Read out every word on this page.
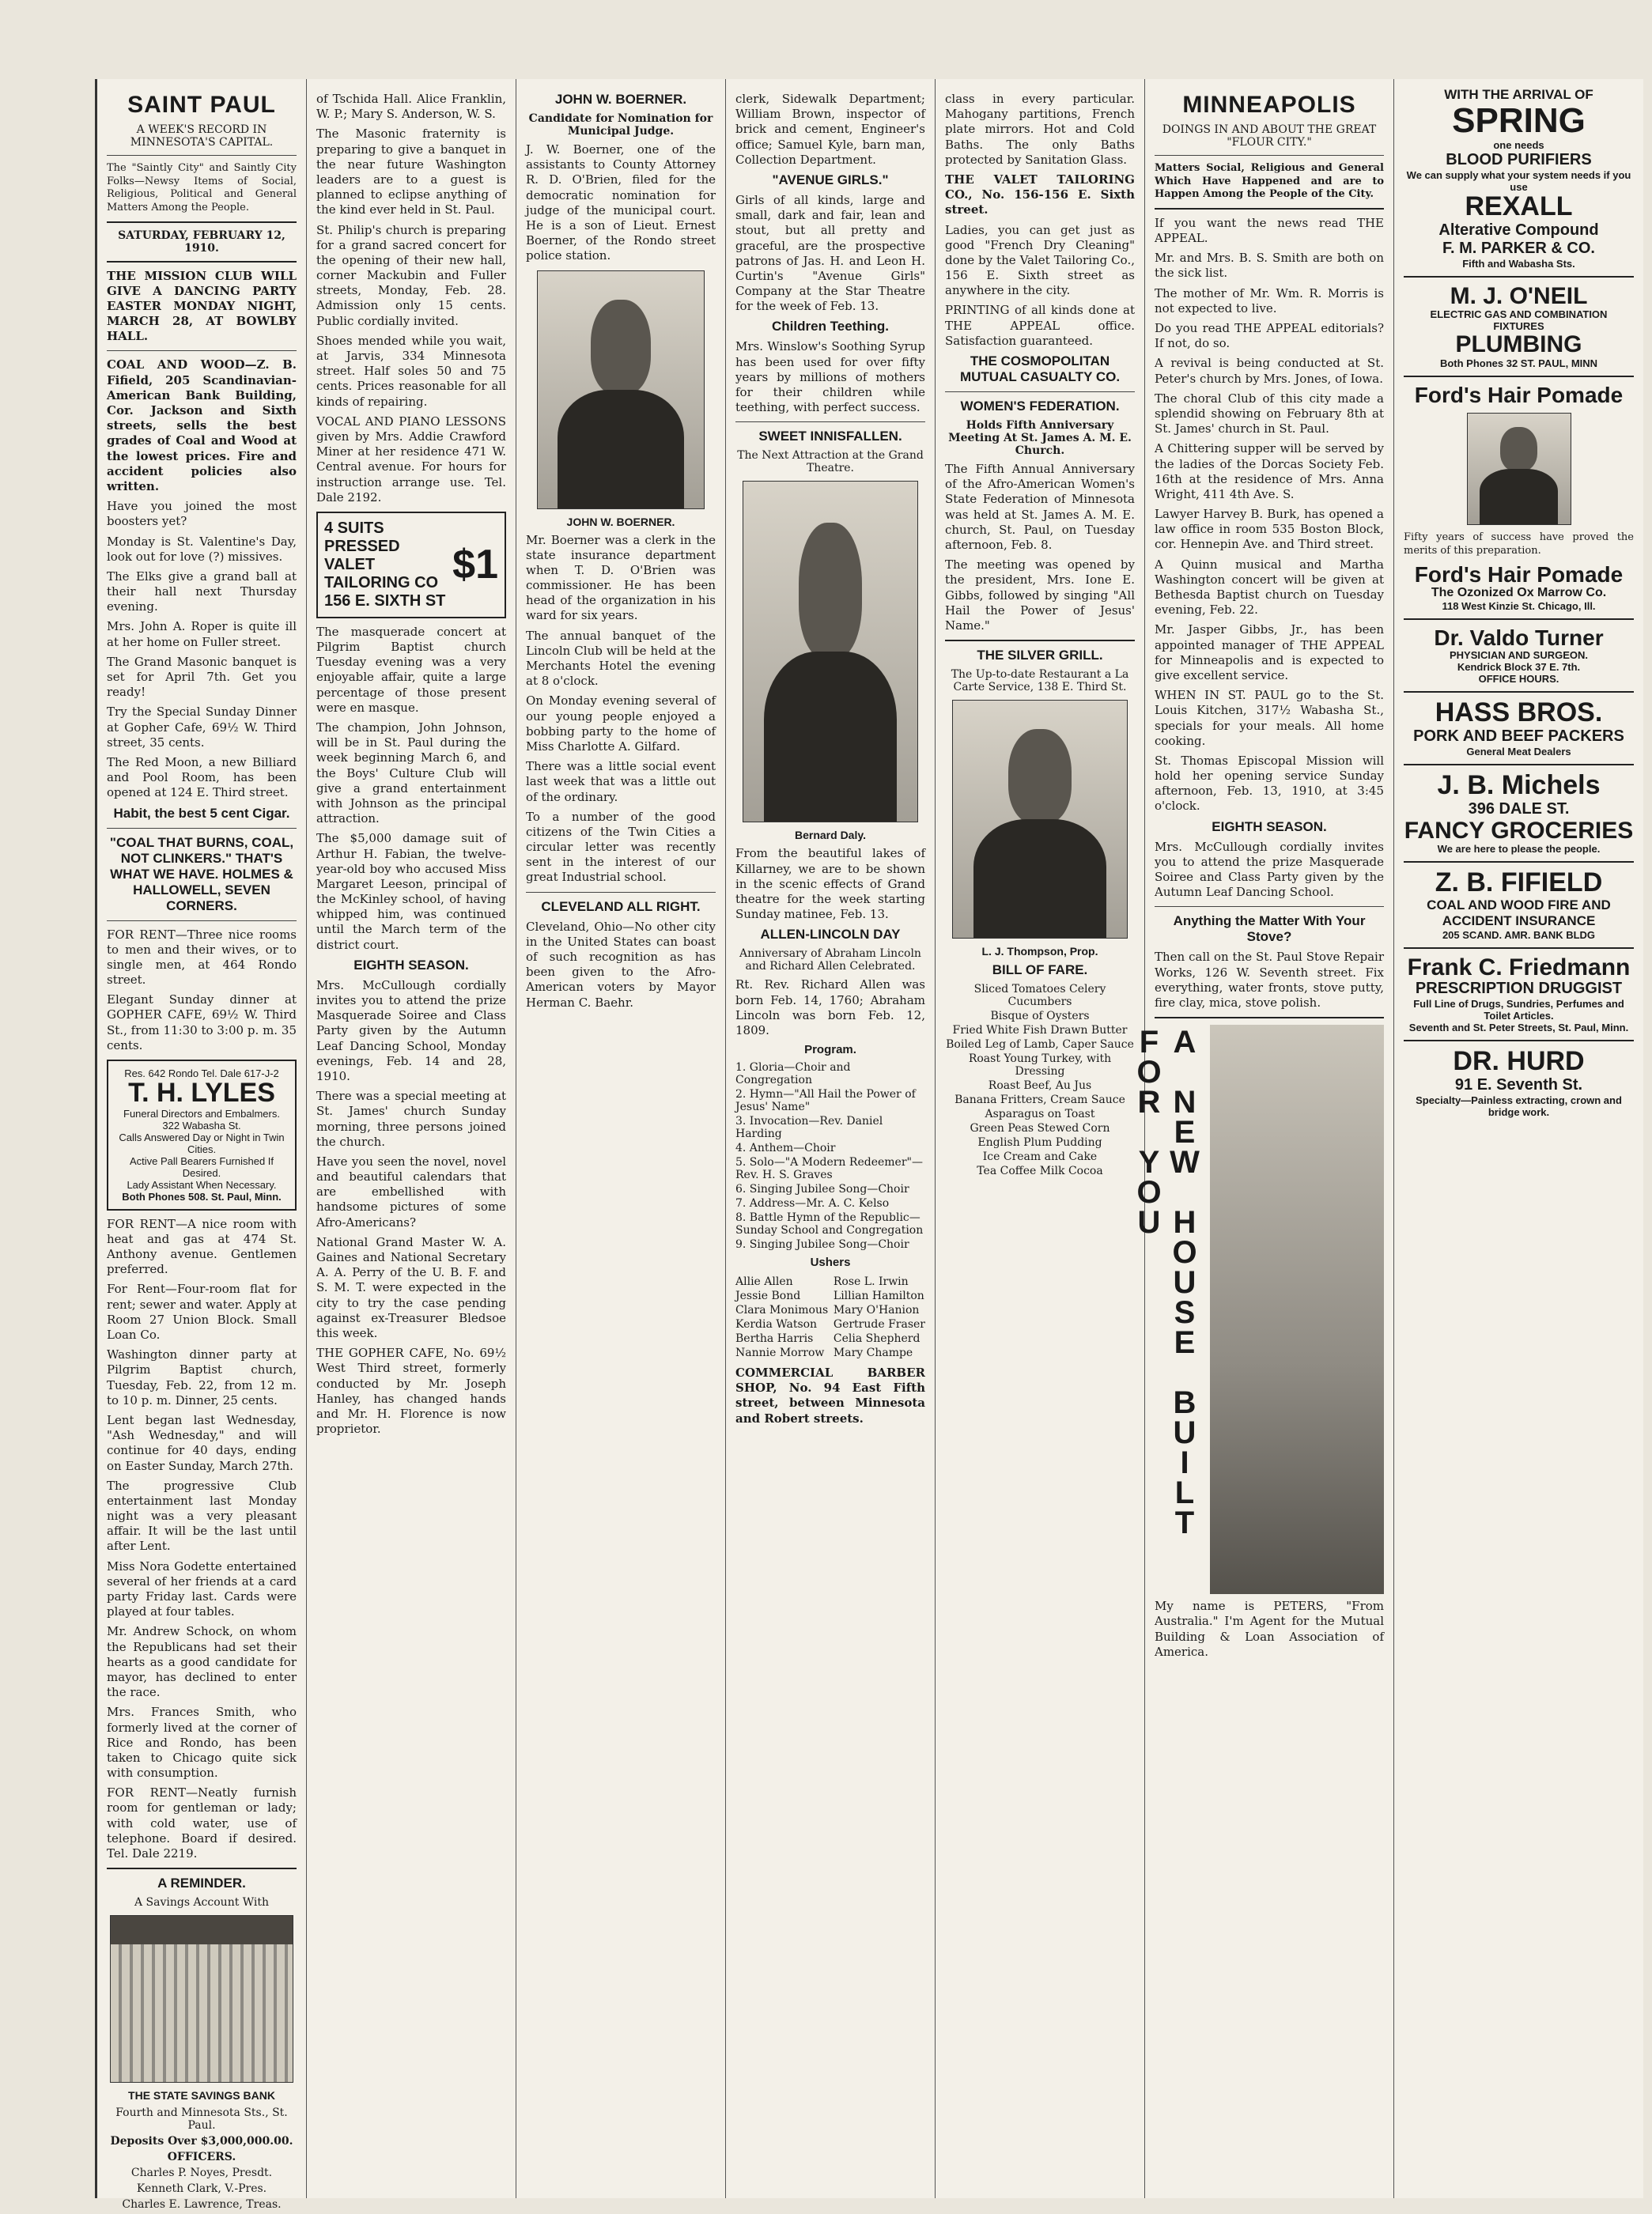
SAINT PAUL
A WEEK'S RECORD IN MINNESOTA'S CAPITAL.

The "Saintly City" and Saintly City Folks—Newsy Items of Social, Religious, Political and General Matters Among the People.

SATURDAY, FEBRUARY 12, 1910.

THE MISSION CLUB WILL GIVE A DANCING PARTY EASTER MONDAY NIGHT, MARCH 28, AT BOWLBY HALL.

COAL AND WOOD—Z. B. Fifield, 205 Scandinavian-American Bank Building, Cor. Jackson and Sixth streets, sells the best grades of Coal and Wood at the lowest prices. Fire and accident policies also written.

Have you joined the most boosters yet?

Monday is St. Valentine's Day, look out for love (?) missives.

The Elks give a grand ball at their hall next Thursday evening.

Mrs. John A. Roper is quite ill at her home on Fuller street.

The Grand Masonic banquet is set for April 7th. Get you ready!

Try the Special Sunday Dinner at Gopher Cafe, 69½ W. Third street, 35 cents.

The Red Moon, a new Billiard and Pool Room, has been opened at 124 E. Third street.

Habit, the best 5 cent Cigar.
"COAL THAT BURNS, COAL, NOT CLINKERS." THAT'S WHAT WE HAVE. HOLMES & HALLOWELL, SEVEN CORNERS.

FOR RENT—Three nice rooms to men and their wives, or to single men, at 464 Rondo street.

Elegant Sunday dinner at GOPHER CAFE, 69½ W. Third St., from 11:30 to 3:00 p. m. 35 cents.

Res. 642 Rondo Tel. Dale 617-J-2
T. H. LYLES
Funeral Directors and Embalmers. 322 Wabasha St.
Calls Answered Day or Night in Twin Cities.
Active Pall Bearers Furnished If Desired.
Lady Assistant When Necessary.
Both Phones 508. St. Paul, Minn.

FOR RENT—A nice room with heat and gas at 474 St. Anthony avenue. Gentlemen preferred.

For Rent—Four-room flat for rent; sewer and water. Apply at Room 27 Union Block. Small Loan Co.

Washington dinner party at Pilgrim Baptist church, Tuesday, Feb. 22, from 12 m. to 10 p. m. Dinner, 25 cents.

Lent began last Wednesday, "Ash Wednesday," and will continue for 40 days, ending on Easter Sunday, March 27th.

The progressive Club entertainment last Monday night was a very pleasant affair. It will be the last until after Lent.

Miss Nora Godette entertained several of her friends at a card party Friday last. Cards were played at four tables.

Mr. Andrew Schock, on whom the Republicans had set their hearts as a good candidate for mayor, has declined to enter the race.

Mrs. Frances Smith, who formerly lived at the corner of Rice and Rondo, has been taken to Chicago quite sick with consumption.

FOR RENT—Neatly furnish room for gentleman or lady; with cold water, use of telephone. Board if desired. Tel. Dale 2219.

A REMINDER.
A Savings Account With
THE STATE SAVINGS BANK
Fourth and Minnesota Sts., St. Paul.
Deposits Over $3,000,000.00.
OFFICERS.
Charles P. Noyes, Presdt.
Kenneth Clark, V.-Pres.
Charles E. Lawrence, Treas.

of Tschida Hall. Alice Franklin, W. P.; Mary S. Anderson, W. S.

The Masonic fraternity is preparing to give a banquet in the near future Washington leaders are to a guest is planned to eclipse anything of the kind ever held in St. Paul.

St. Philip's church is preparing for a grand sacred concert for the opening of their new hall, corner Mackubin and Fuller streets, Monday, Feb. 28. Admission only 15 cents. Public cordially invited.

Shoes mended while you wait, at Jarvis, 334 Minnesota street. Half soles 50 and 75 cents. Prices reasonable for all kinds of repairing.

VOCAL AND PIANO LESSONS given by Mrs. Addie Crawford Miner at her residence 471 W. Central avenue. For hours for instruction arrange use. Tel. Dale 2192.

4 SUITS PRESSED
VALET TAILORING CO
156 E. SIXTH ST
$1

The masquerade concert at Pilgrim Baptist church Tuesday evening was a very enjoyable affair, quite a large percentage of those present were en masque.

The champion, John Johnson, will be in St. Paul during the week beginning March 6, and the Boys' Culture Club will give a grand entertainment with Johnson as the principal attraction.

The $5,000 damage suit of Arthur H. Fabian, the twelve-year-old boy who accused Miss Margaret Leeson, principal of the McKinley school, of having whipped him, was continued until the March term of the district court.

EIGHTH SEASON.

Mrs. McCullough cordially invites you to attend the prize Masquerade Soiree and Class Party given by the Autumn Leaf Dancing School, Monday evenings, Feb. 14 and 28, 1910.

There was a special meeting at St. James' church Sunday morning, three persons joined the church.

Have you seen the novel, novel and beautiful calendars that are embellished with handsome pictures of some Afro-Americans?

National Grand Master W. A. Gaines and National Secretary A. A. Perry of the U. B. F. and S. M. T. were expected in the city to try the case pending against ex-Treasurer Bledsoe this week.

THE GOPHER CAFE, No. 69½ West Third street, formerly conducted by Mr. Joseph Hanley, has changed hands and Mr. H. Florence is now proprietor.

JOHN W. BOERNER.
Candidate for Nomination for Municipal Judge.

J. W. Boerner, one of the assistants to County Attorney R. D. O'Brien, filed for the democratic nomination for judge of the municipal court. He is a son of Lieut. Ernest Boerner, of the Rondo street police station.

JOHN W. BOERNER.

Mr. Boerner was a clerk in the state insurance department when T. D. O'Brien was commissioner. He has been head of the organization in his ward for six years.

The annual banquet of the Lincoln Club will be held at the Merchants Hotel the evening at 8 o'clock.

On Monday evening several of our young people enjoyed a bobbing party to the home of Miss Charlotte A. Gilfard.

There was a little social event last week that was a little out of the ordinary.

To a number of the good citizens of the Twin Cities a circular letter was recently sent in the interest of our great Industrial school.

CLEVELAND ALL RIGHT.

Cleveland, Ohio—No other city in the United States can boast of such recognition as has been given to the Afro-American voters by Mayor Herman C. Baehr.

clerk, Sidewalk Department; William Brown, inspector of brick and cement, Engineer's office; Samuel Kyle, barn man, Collection Department.

"AVENUE GIRLS."

Girls of all kinds, large and small, dark and fair, lean and stout, but all pretty and graceful, are the prospective patrons of Jas. H. and Leon H. Curtin's "Avenue Girls" Company at the Star Theatre for the week of Feb. 13.

Children Teething.

Mrs. Winslow's Soothing Syrup has been used for over fifty years by millions of mothers for their children while teething, with perfect success.

SWEET INNISFALLEN.
The Next Attraction at the Grand Theatre.
Bernard Daly.

From the beautiful lakes of Killarney, we are to be shown in the scenic effects of Grand theatre for the week starting Sunday matinee, Feb. 13.

ALLEN-LINCOLN DAY
Anniversary of Abraham Lincoln and Richard Allen Celebrated.

Rt. Rev. Richard Allen was born Feb. 14, 1760; Abraham Lincoln was born Feb. 12, 1809.

Program.
1. Gloria—Choir and Congregation
2. Hymn—"All Hail the Power of Jesus' Name"
3. Invocation—Rev. Daniel Harding
4. Anthem—Choir
5. Solo—"A Modern Redeemer"—Rev. H. S. Graves
6. Singing Jubilee Song—Choir
7. Address—Mr. A. C. Kelso
8. Battle Hymn of the Republic—Sunday School and Congregation
9. Singing Jubilee Song—Choir
Ushers
Allie Allen
Jessie Bond
Clara Monimous
Kerdia Watson
Bertha Harris
Nannie Morrow
Rose L. Irwin
Lillian Hamilton
Mary O'Hanion
Gertrude Fraser
Celia Shepherd
Mary Champe

COMMERCIAL BARBER SHOP, No. 94 East Fifth street, between Minnesota and Robert streets.

class in every particular. Mahogany partitions, French plate mirrors. Hot and Cold Baths. The only Baths protected by Sanitation Glass.

THE VALET TAILORING CO., No. 156-156 E. Sixth street.

Ladies, you can get just as good "French Dry Cleaning" done by the Valet Tailoring Co., 156 E. Sixth street as anywhere in the city.

PRINTING of all kinds done at THE APPEAL office. Satisfaction guaranteed.

THE COSMOPOLITAN MUTUAL CASUALTY CO.
WOMEN'S FEDERATION.
Holds Fifth Anniversary Meeting At St. James A. M. E. Church.

The Fifth Annual Anniversary of the Afro-American Women's State Federation of Minnesota was held at St. James A. M. E. church, St. Paul, on Tuesday afternoon, Feb. 8.

The meeting was opened by the president, Mrs. Ione E. Gibbs, followed by singing "All Hail the Power of Jesus' Name."

THE SILVER GRILL.
The Up-to-date Restaurant a La Carte Service, 138 E. Third St.
L. J. Thompson, Prop.
BILL OF FARE.
Sliced Tomatoes Celery Cucumbers
Bisque of Oysters
Fried White Fish Drawn Butter
Boiled Leg of Lamb, Caper Sauce
Roast Young Turkey, with Dressing
Roast Beef, Au Jus
Banana Fritters, Cream Sauce
Asparagus on Toast
Green Peas Stewed Corn
English Plum Pudding
Ice Cream and Cake
Tea Coffee Milk Cocoa
MINNEAPOLIS
DOINGS IN AND ABOUT THE GREAT "FLOUR CITY."

Matters Social, Religious and General Which Have Happened and are to Happen Among the People of the City.

If you want the news read THE APPEAL.

Mr. and Mrs. B. S. Smith are both on the sick list.

The mother of Mr. Wm. R. Morris is not expected to live.

Do you read THE APPEAL editorials? If not, do so.

A revival is being conducted at St. Peter's church by Mrs. Jones, of Iowa.

The choral Club of this city made a splendid showing on February 8th at St. James' church in St. Paul.

A Chittering supper will be served by the ladies of the Dorcas Society Feb. 16th at the residence of Mrs. Anna Wright, 411 4th Ave. S.

Lawyer Harvey B. Burk, has opened a law office in room 535 Boston Block, cor. Hennepin Ave. and Third street.

A Quinn musical and Martha Washington concert will be given at Bethesda Baptist church on Tuesday evening, Feb. 22.

Mr. Jasper Gibbs, Jr., has been appointed manager of THE APPEAL for Minneapolis and is expected to give excellent service.

WHEN IN ST. PAUL go to the St. Louis Kitchen, 317½ Wabasha St., specials for your meals. All home cooking.

St. Thomas Episcopal Mission will hold her opening service Sunday afternoon, Feb. 13, 1910, at 3:45 o'clock.

EIGHTH SEASON.

Mrs. McCullough cordially invites you to attend the prize Masquerade Soiree and Class Party given by the Autumn Leaf Dancing School.

Anything the Matter With Your Stove?

Then call on the St. Paul Stove Repair Works, 126 W. Seventh street. Fix everything, water fronts, stove putty, fire clay, mica, stove polish.

A NEW HOUSE BUILT FOR YOU

My name is PETERS, "From Australia." I'm Agent for the Mutual Building & Loan Association of America.

WITH THE ARRIVAL OF
SPRING
one needs
BLOOD PURIFIERS
We can supply what your system needs if you use
REXALL
Alterative Compound
F. M. PARKER & CO.
Fifth and Wabasha Sts.
M. J. O'NEIL
ELECTRIC GAS AND COMBINATION FIXTURES
PLUMBING
Both Phones 32 ST. PAUL, MINN
Ford's Hair Pomade

Fifty years of success have proved the merits of this preparation.

Ford's Hair Pomade
The Ozonized Ox Marrow Co.
118 West Kinzie St. Chicago, Ill.
Dr. Valdo Turner
PHYSICIAN AND SURGEON.
Kendrick Block 37 E. 7th.
OFFICE HOURS.
HASS BROS.
PORK AND BEEF PACKERS
General Meat Dealers
J. B. Michels
396 DALE ST.
FANCY GROCERIES
We are here to please the people.
Z. B. FIFIELD
COAL AND WOOD FIRE AND ACCIDENT INSURANCE
205 SCAND. AMR. BANK BLDG
Frank C. Friedmann
PRESCRIPTION DRUGGIST
Full Line of Drugs, Sundries, Perfumes and Toilet Articles.
Seventh and St. Peter Streets, St. Paul, Minn.
DR. HURD
91 E. Seventh St.
Specialty—Painless extracting, crown and bridge work.
